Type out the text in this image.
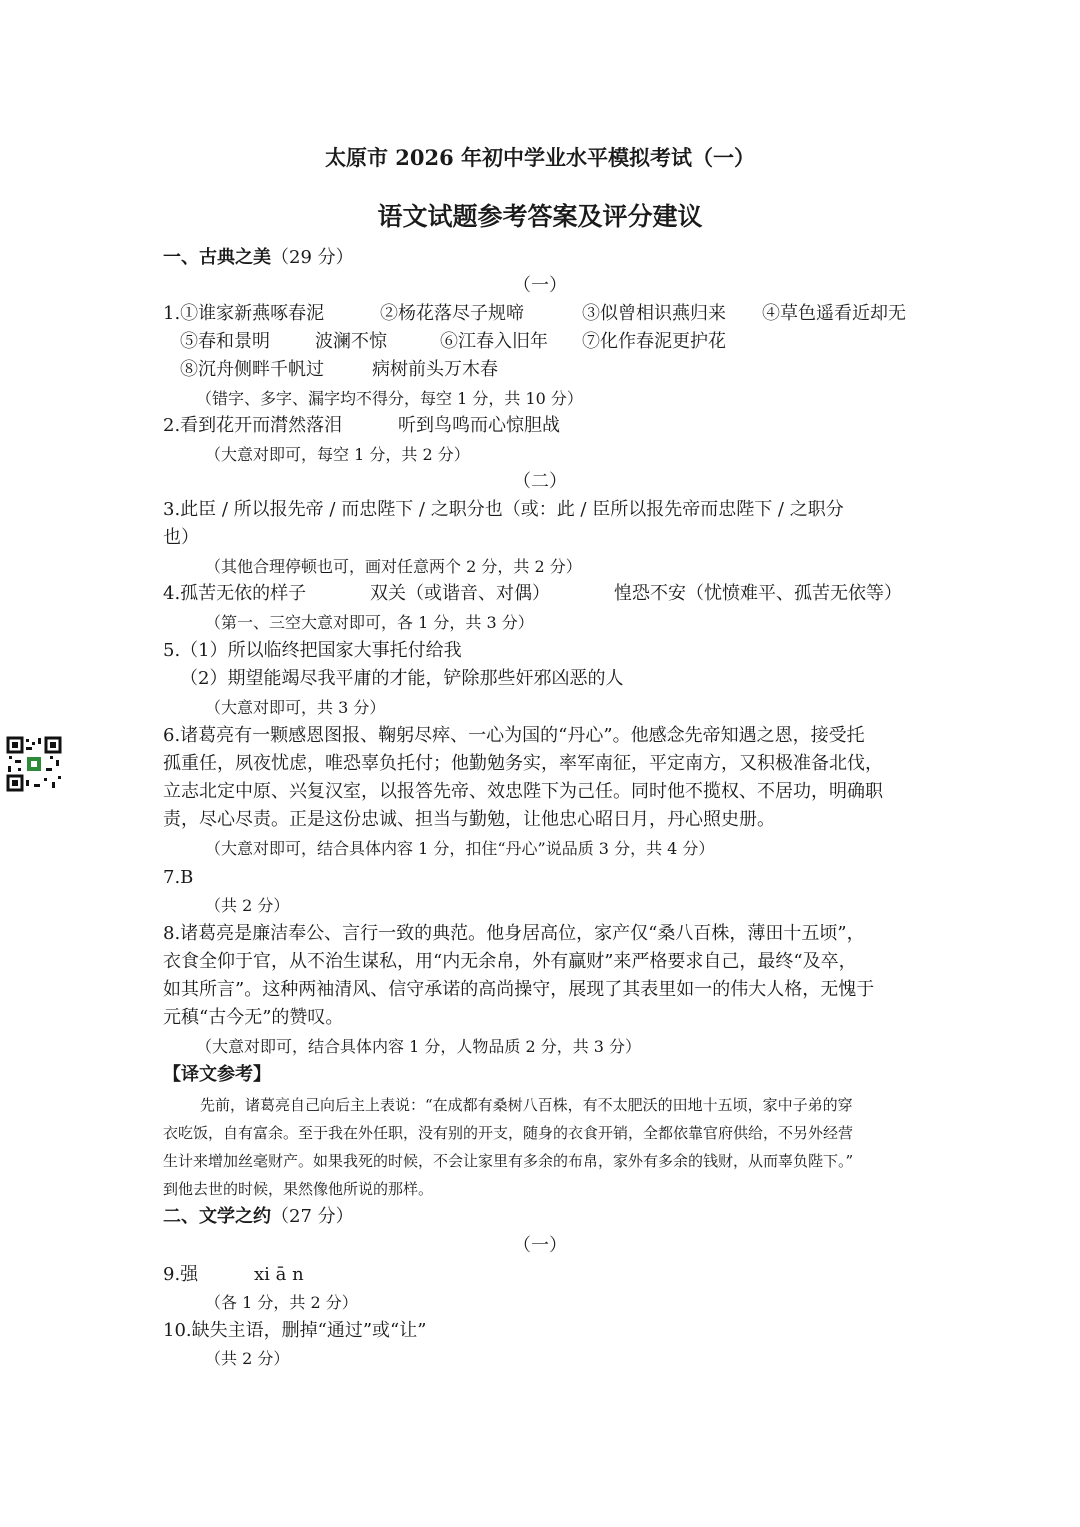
太原市 2026 年初中学业水平模拟考试（一）
语文试题参考答案及评分建议
一、古典之美（29 分）
（一）
1.①谁家新燕啄春泥	②杨花落尽子规啼	③似曾相识燕归来 ④草色遥看近却无
⑤春和景明	波澜不惊	⑥江春入旧年 ⑦化作春泥更护花
⑧沉舟侧畔千帆过	病树前头万木春
（错字、多字、漏字均不得分，每空 1 分，共 10 分）
2.看到花开而潸然落泪	听到鸟鸣而心惊胆战
（大意对即可，每空 1 分，共 2 分）
（二）
3.此臣 / 所以报先帝 / 而忠陛下 / 之职分也（或：此 / 臣所以报先帝而忠陛下 / 之职分
也）
（其他合理停顿也可，画对任意两个 2 分，共 2 分）
4.孤苦无依的样子	双关（或谐音、对偶）	惶恐不安（忧愤难平、孤苦无依等）
（第一、三空大意对即可，各 1 分，共 3 分）
5.（1）所以临终把国家大事托付给我
（2）期望能竭尽我平庸的才能，铲除那些奸邪凶恶的人
（大意对即可，共 3 分）
6.诸葛亮有一颗感恩图报、鞠躬尽瘁、一心为国的“丹心”。他感念先帝知遇之恩，接受托
孤重任，夙夜忧虑，唯恐辜负托付；他勤勉务实，率军南征，平定南方，又积极准备北伐，
立志北定中原、兴复汉室，以报答先帝、效忠陛下为己任。同时他不揽权、不居功，明确职
责，尽心尽责。正是这份忠诚、担当与勤勉，让他忠心昭日月，丹心照史册。
（大意对即可，结合具体内容 1 分，扣住“丹心”说品质 3 分，共 4 分）
7.B
（共 2 分）
8.诸葛亮是廉洁奉公、言行一致的典范。他身居高位，家产仅“桑八百株，薄田十五顷”，
衣食全仰于官，从不治生谋私，用“内无余帛，外有赢财”来严格要求自己，最终“及卒，
如其所言”。这种两袖清风、信守承诺的高尚操守，展现了其表里如一的伟大人格，无愧于
元稹“古今无”的赞叹。
（大意对即可，结合具体内容 1 分，人物品质 2 分，共 3 分）
【译文参考】
先前，诸葛亮自己向后主上表说：“在成都有桑树八百株，有不太肥沃的田地十五顷，家中子弟的穿
衣吃饭，自有富余。至于我在外任职，没有别的开支，随身的衣食开销，全都依靠官府供给，不另外经营
生计来增加丝毫财产。如果我死的时候，不会让家里有多余的布帛，家外有多余的钱财，从而辜负陛下。”
到他去世的时候，果然像他所说的那样。
二、文学之约（27 分）
（一）
9.强	xi ā n
（各 1 分，共 2 分）
10.缺失主语，删掉“通过”或“让”
（共 2 分）
